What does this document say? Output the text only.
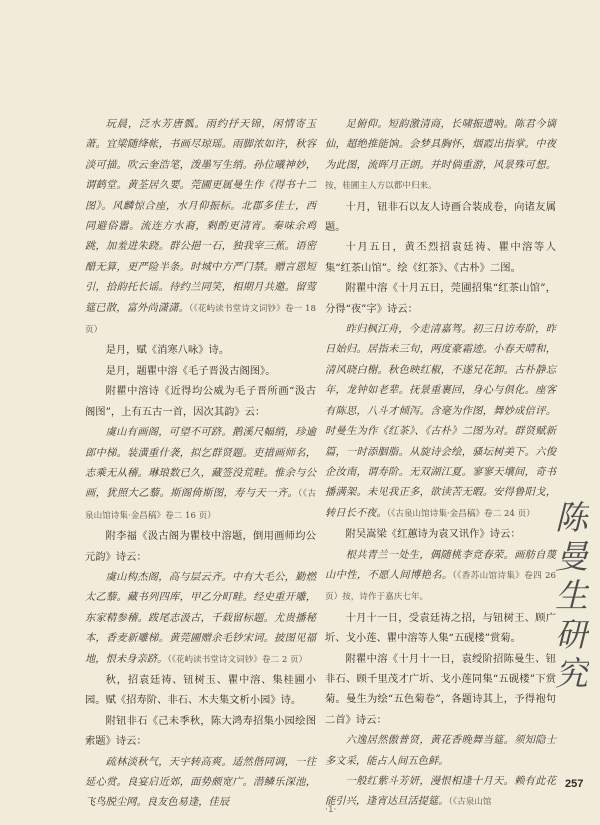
玩晨，泛水芳唐瓢。雨约抒天锦，闲情寄玉萧。宜梁随绛帐，书画尽琼瑶。雨脚浓如许，秋容淡可描。吹云奎浩笔，泼墨写生绡。孙位曦神妙，谓鹤堂。黄荃居久要。莞圃更属曼生作《得书十二图》。风麟惊合座，水月仰振标。北郡多佳士，西同避俗嚣。流连方水裔，剩酌更清宵。秦味余鸡跳，加羞进朱跷。群公挹一石，独我宰三蕉。语密醋无算，更严险半条。时城中方严门禁。赠言恩短引，拾韵托长谣。待约兰同笑，相期月共邀。留莺筵已散，富外尚潇潇。（《花屿读书堂诗文词钞》卷一 18 页）

是月，赋《消寒八咏》诗。

是月，题瞿中溶《毛子晋汲古阁图》。

附瞿中溶诗《近得均公威为毛子晋所画“汲古阁图”，上有五古一首，因次其韵》云：

虞山有画阁，可望不可跻。鹅溪尺幅绡，珍逾郎中梯。装潢重什袭，拟乞群贤题。吏措画师名，志乘无从稽。琳琅数已久，藏签没荒畦。惟余与公画，犹照大乙藜。斯阁倚斯图，寿与天一齐。（《古泉山馆诗集·金昌稿》卷二 16 页）

附李福《汲古阁为瞿枝中溶题，倒用画师均公元韵》诗云：

虞山构杰阁，高与层云齐。中有大毛公，勤燃太乙藜。藏书列四库，甲乙分町畦。经史重开雕，东家精参稽。跋尾志汲古，千载留标题。尤贵播秘本，香麦新雕梯。黄莞圃赠余毛钞宋词。披图见福地，恨未身亲跻。（《花屿读书堂诗文词钞》卷二 2 页）

秋，招袁廷祷、钮树玉、瞿中溶、集桂圃小园。赋《招寿阶、非石、木夫集文析小园》诗。

附钮非石《己未季秋，陈大鸿寿招集小园绘图索题》诗云：

疏林淡秋气，天宇转高爽。适然偕同调，一往延心赏。良宴启近郊，面势颇宽广。潜鳞乐深池，飞鸟脱尘网。良友色易逢，佳辰

足俯仰。短韵激清商，长啸振遗响。陈君今谪仙，超绝推能饷。会梦具胸怀，烟霞出指掌。中夜为此图，流晖月正朗。并时倘重游，风景殊可想。按，桂圃主人方以都中归来。

十月，钮非石以友人诗画合装成卷，向诸友属题。

十月五日，黄丕烈招袁廷祷、瞿中溶等人集“红茶山馆”。绘《红茶》、《古朴》二图。

附瞿中溶《十月五日，莞圃招集“红茶山馆”，分得“夜”字》诗云：

昨归枫江舟，今走清嘉驾。初三日访寿阶，昨日始归。居指未三旬，两度豪霜迹。小春天晴和，清风晓白榭。秋色映红椒，不遂兄花卸。古朴静忘年，龙钟如老辈。抚景重裹回，身心与俱化。座客有陈思，八斗才倾泻。含毫为作图，舞妙成倍评。时曼生为作《红茶》、《古朴》二图为对。群贤赋新篇，一时添胭脂。从旋诗会绘，骚坛树美下。六俊企汝南，谓寿阶。无双湖江夏。寥寥天壤间，奇书播满架。未见我正多，欲读苦无暇。安得鲁阳戈，转日长不夜。（《古泉山馆诗集·金昌稿》卷二 24 页）

附吴嵩梁《红蕙诗为袁又讯作》诗云：

根共青兰一处生，偶随桃李竞春荣。画舫自蔑山中性，不愿人间博艳名。（《香苏山馆诗集》卷四 26 页）按，诗作于嘉庆七年。

十月十一日，受袁廷祷之招，与钮树王、顾广圻、戈小莲、瞿中溶等人集“五砚楼”赏菊。

附瞿中溶《十月十一日，袁绶阶招陈曼生、钮非石、顾千里茂才广圻、戈小莲同集“五砚楼”下赏菊。曼生为绘“五色菊卷”，各题诗其上，予得袍句二首》诗云：

六逸居然傲普贤，黄花香晚舞当筵。须知隐士多文采，能占人间五色鲜。

一般红紫斗芳妍，漫恨相逢十月天。赖有此花能引兴，逢宵达旦活提筵。（《古泉山馆

陈曼生研究
257
·1·
